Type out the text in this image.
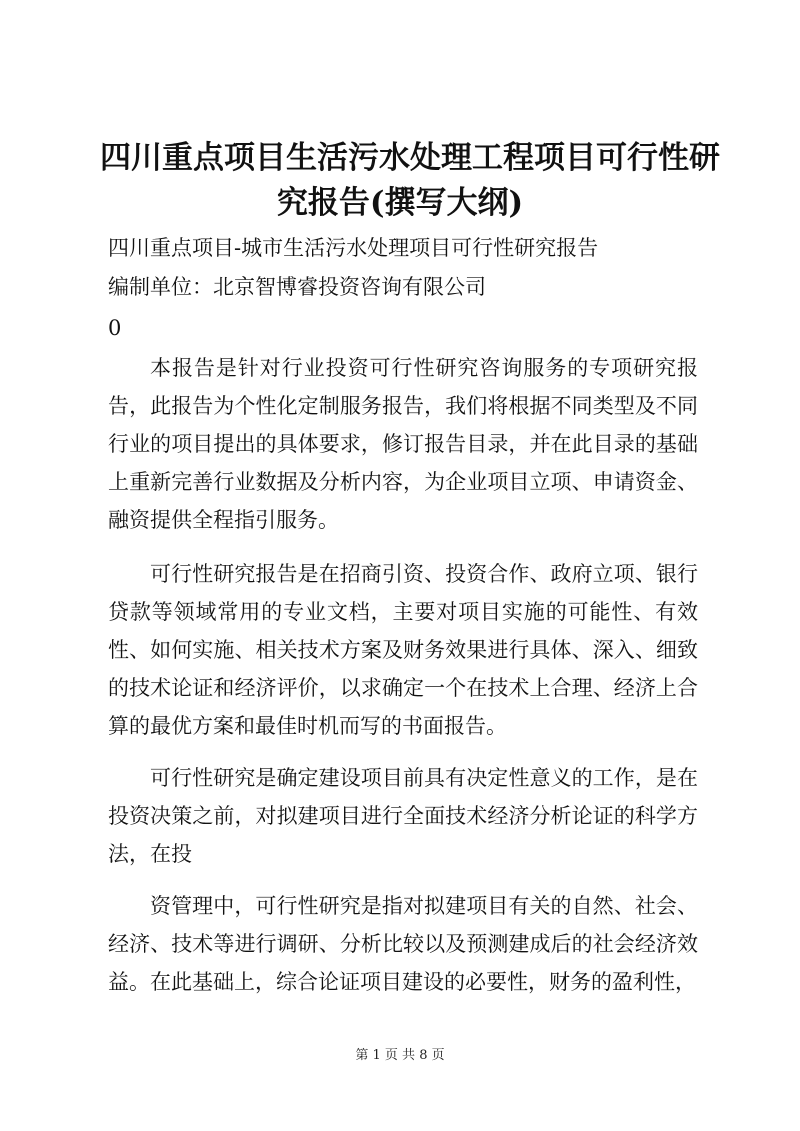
四川重点项目生活污水处理工程项目可行性研
究报告(撰写大纲)

四川重点项目-城市生活污水处理项目可行性研究报告

编制单位：北京智博睿投资咨询有限公司

0

本报告是针对行业投资可行性研究咨询服务的专项研究报告，此报告为个性化定制服务报告，我们将根据不同类型及不同行业的项目提出的具体要求，修订报告目录，并在此目录的基础上重新完善行业数据及分析内容，为企业项目立项、申请资金、融资提供全程指引服务。

可行性研究报告是在招商引资、投资合作、政府立项、银行贷款等领域常用的专业文档，主要对项目实施的可能性、有效性、如何实施、相关技术方案及财务效果进行具体、深入、细致的技术论证和经济评价，以求确定一个在技术上合理、经济上合算的最优方案和最佳时机而写的书面报告。

可行性研究是确定建设项目前具有决定性意义的工作，是在投资决策之前，对拟建项目进行全面技术经济分析论证的科学方法，在投

资管理中，可行性研究是指对拟建项目有关的自然、社会、经济、技术等进行调研、分析比较以及预测建成后的社会经济效益。在此基础上，综合论证项目建设的必要性，财务的盈利性，

第 1 页 共 8 页
